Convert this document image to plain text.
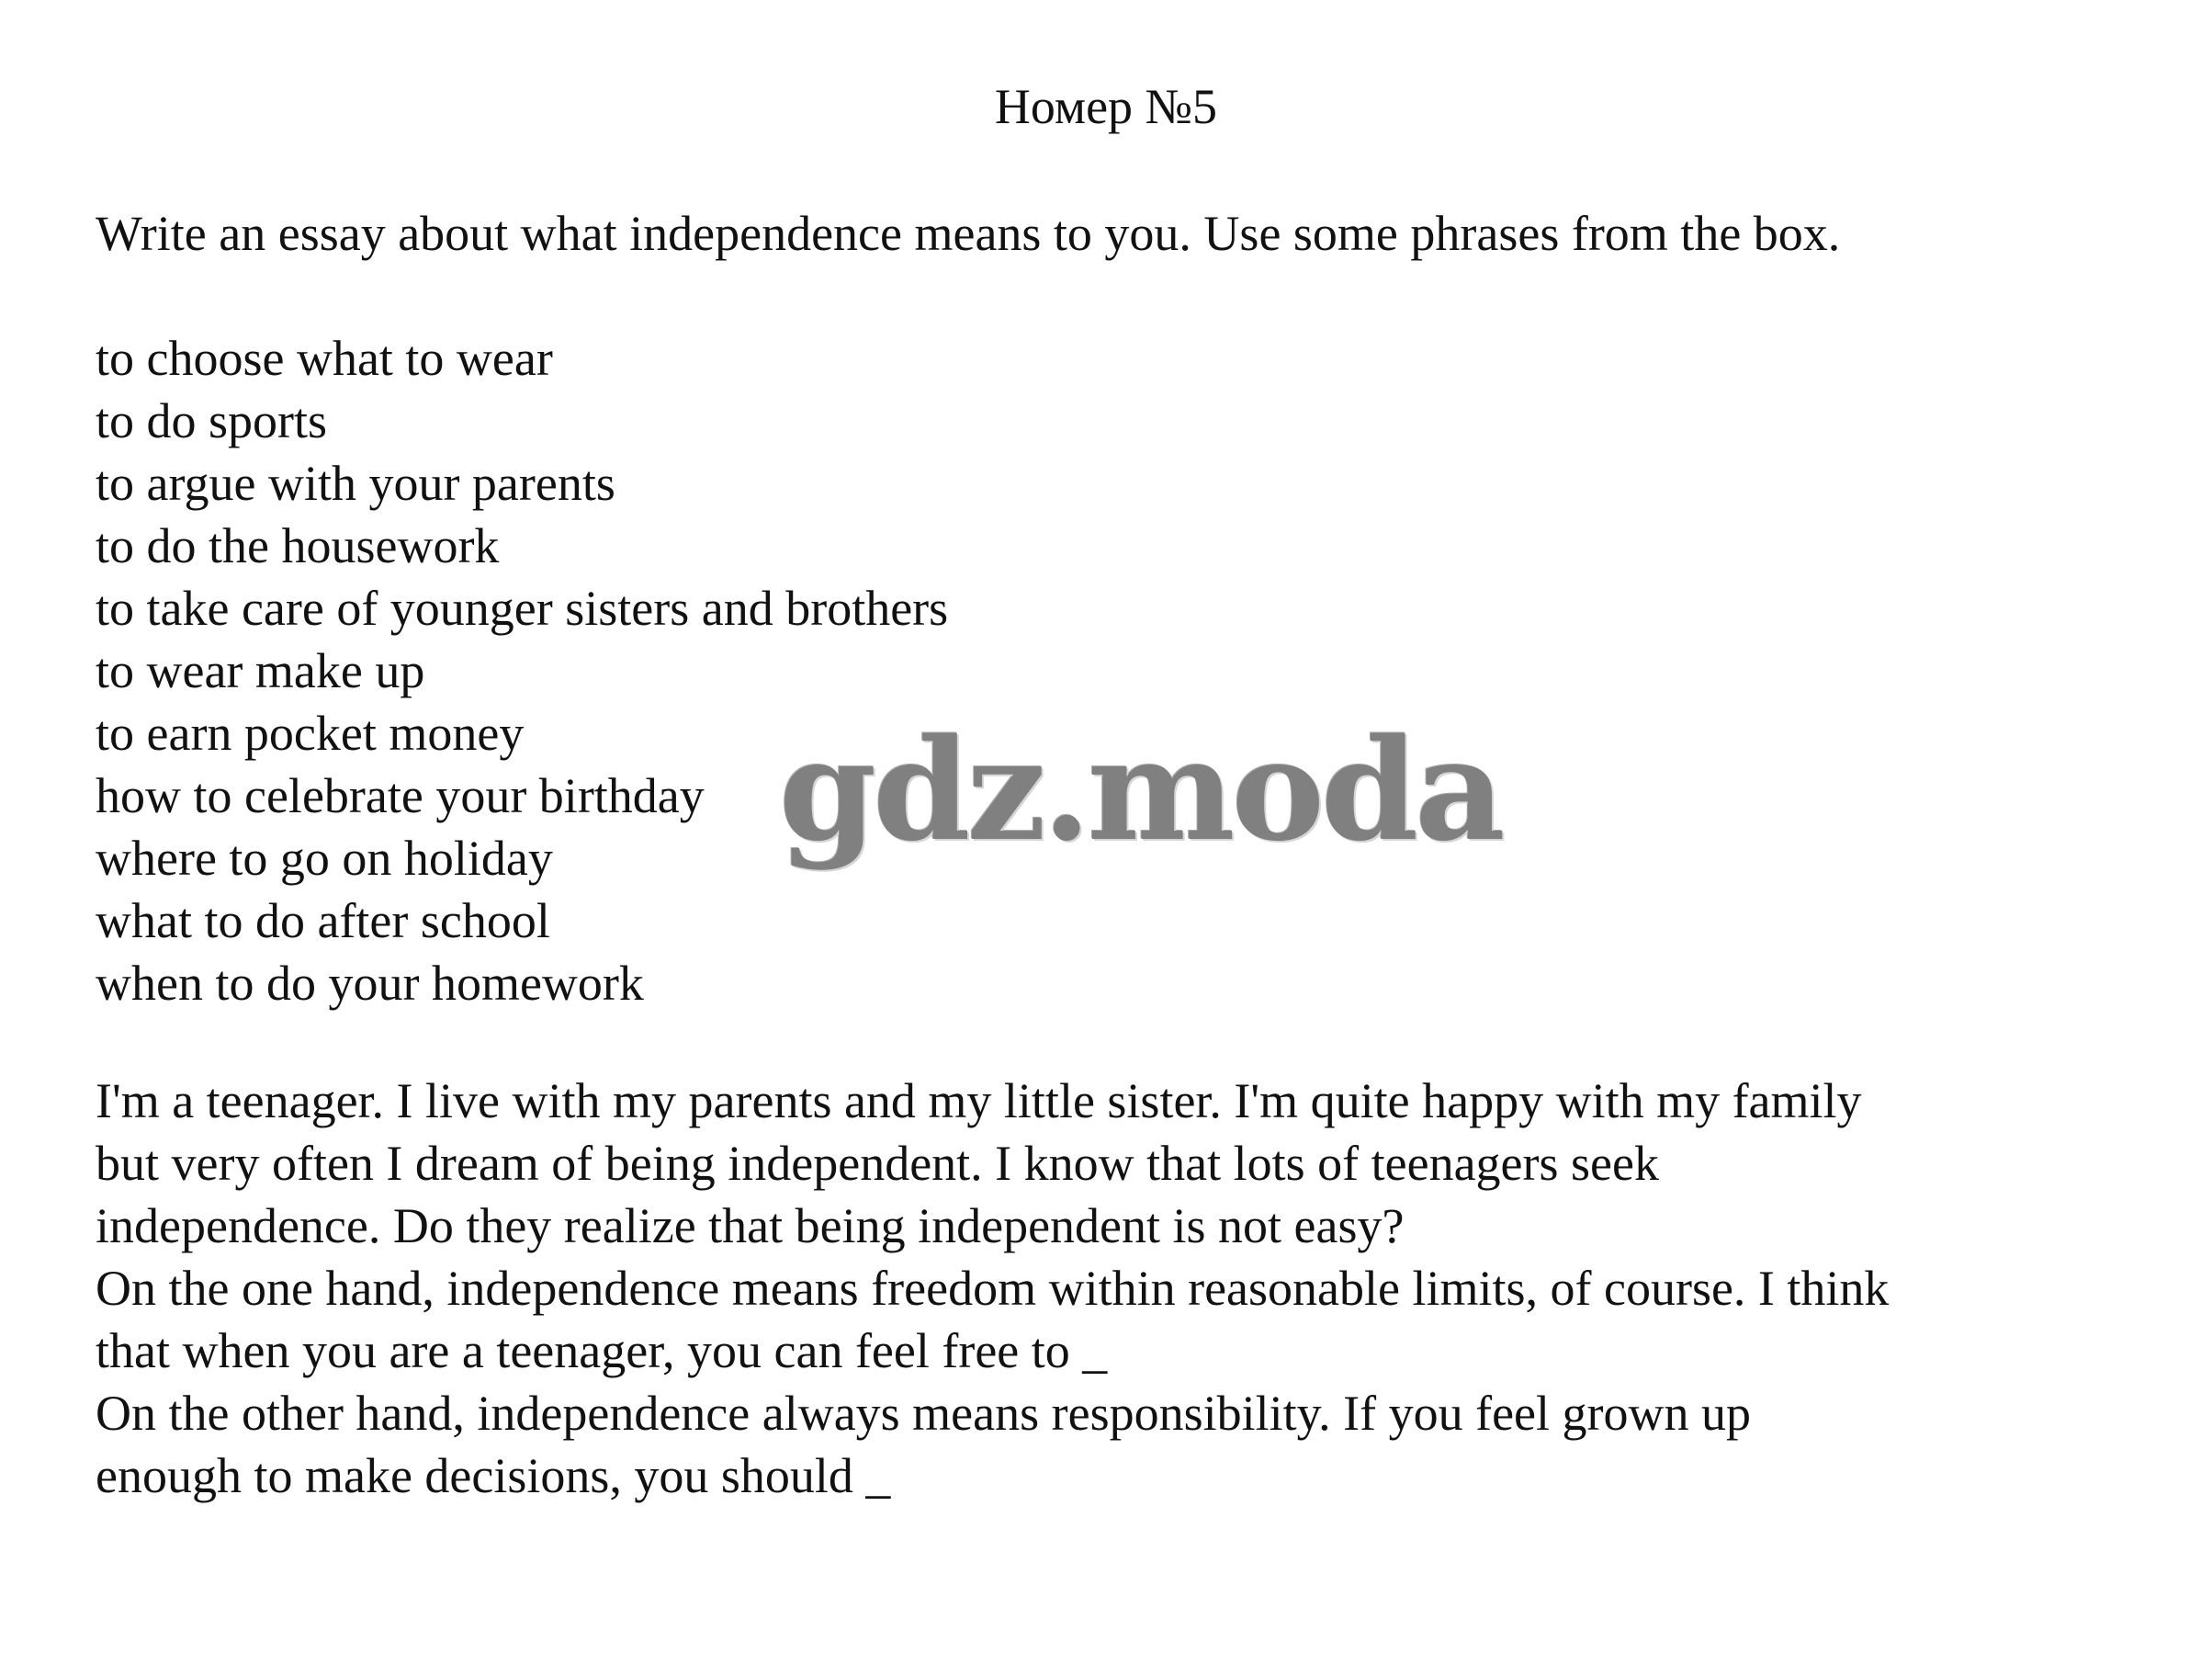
Номер №5
Write an essay about what independence means to you. Use some phrases from the box.
to choose what to wear
to do sports
to argue with your parents
to do the housework
to take care of younger sisters and brothers
to wear make up
to earn pocket money
how to celebrate your birthday
where to go on holiday
what to do after school
when to do your homework

I'm a teenager. I live with my parents and my little sister. I'm quite happy with my family
but very often I dream of being independent. I know that lots of teenagers seek
independence. Do they realize that being independent is not easy?

On the one hand, independence means freedom within reasonable limits, of course. I think
that when you are a teenager, you can feel free to _

On the other hand, independence always means responsibility. If you feel grown up
enough to make decisions, you should _

gdz.moda
